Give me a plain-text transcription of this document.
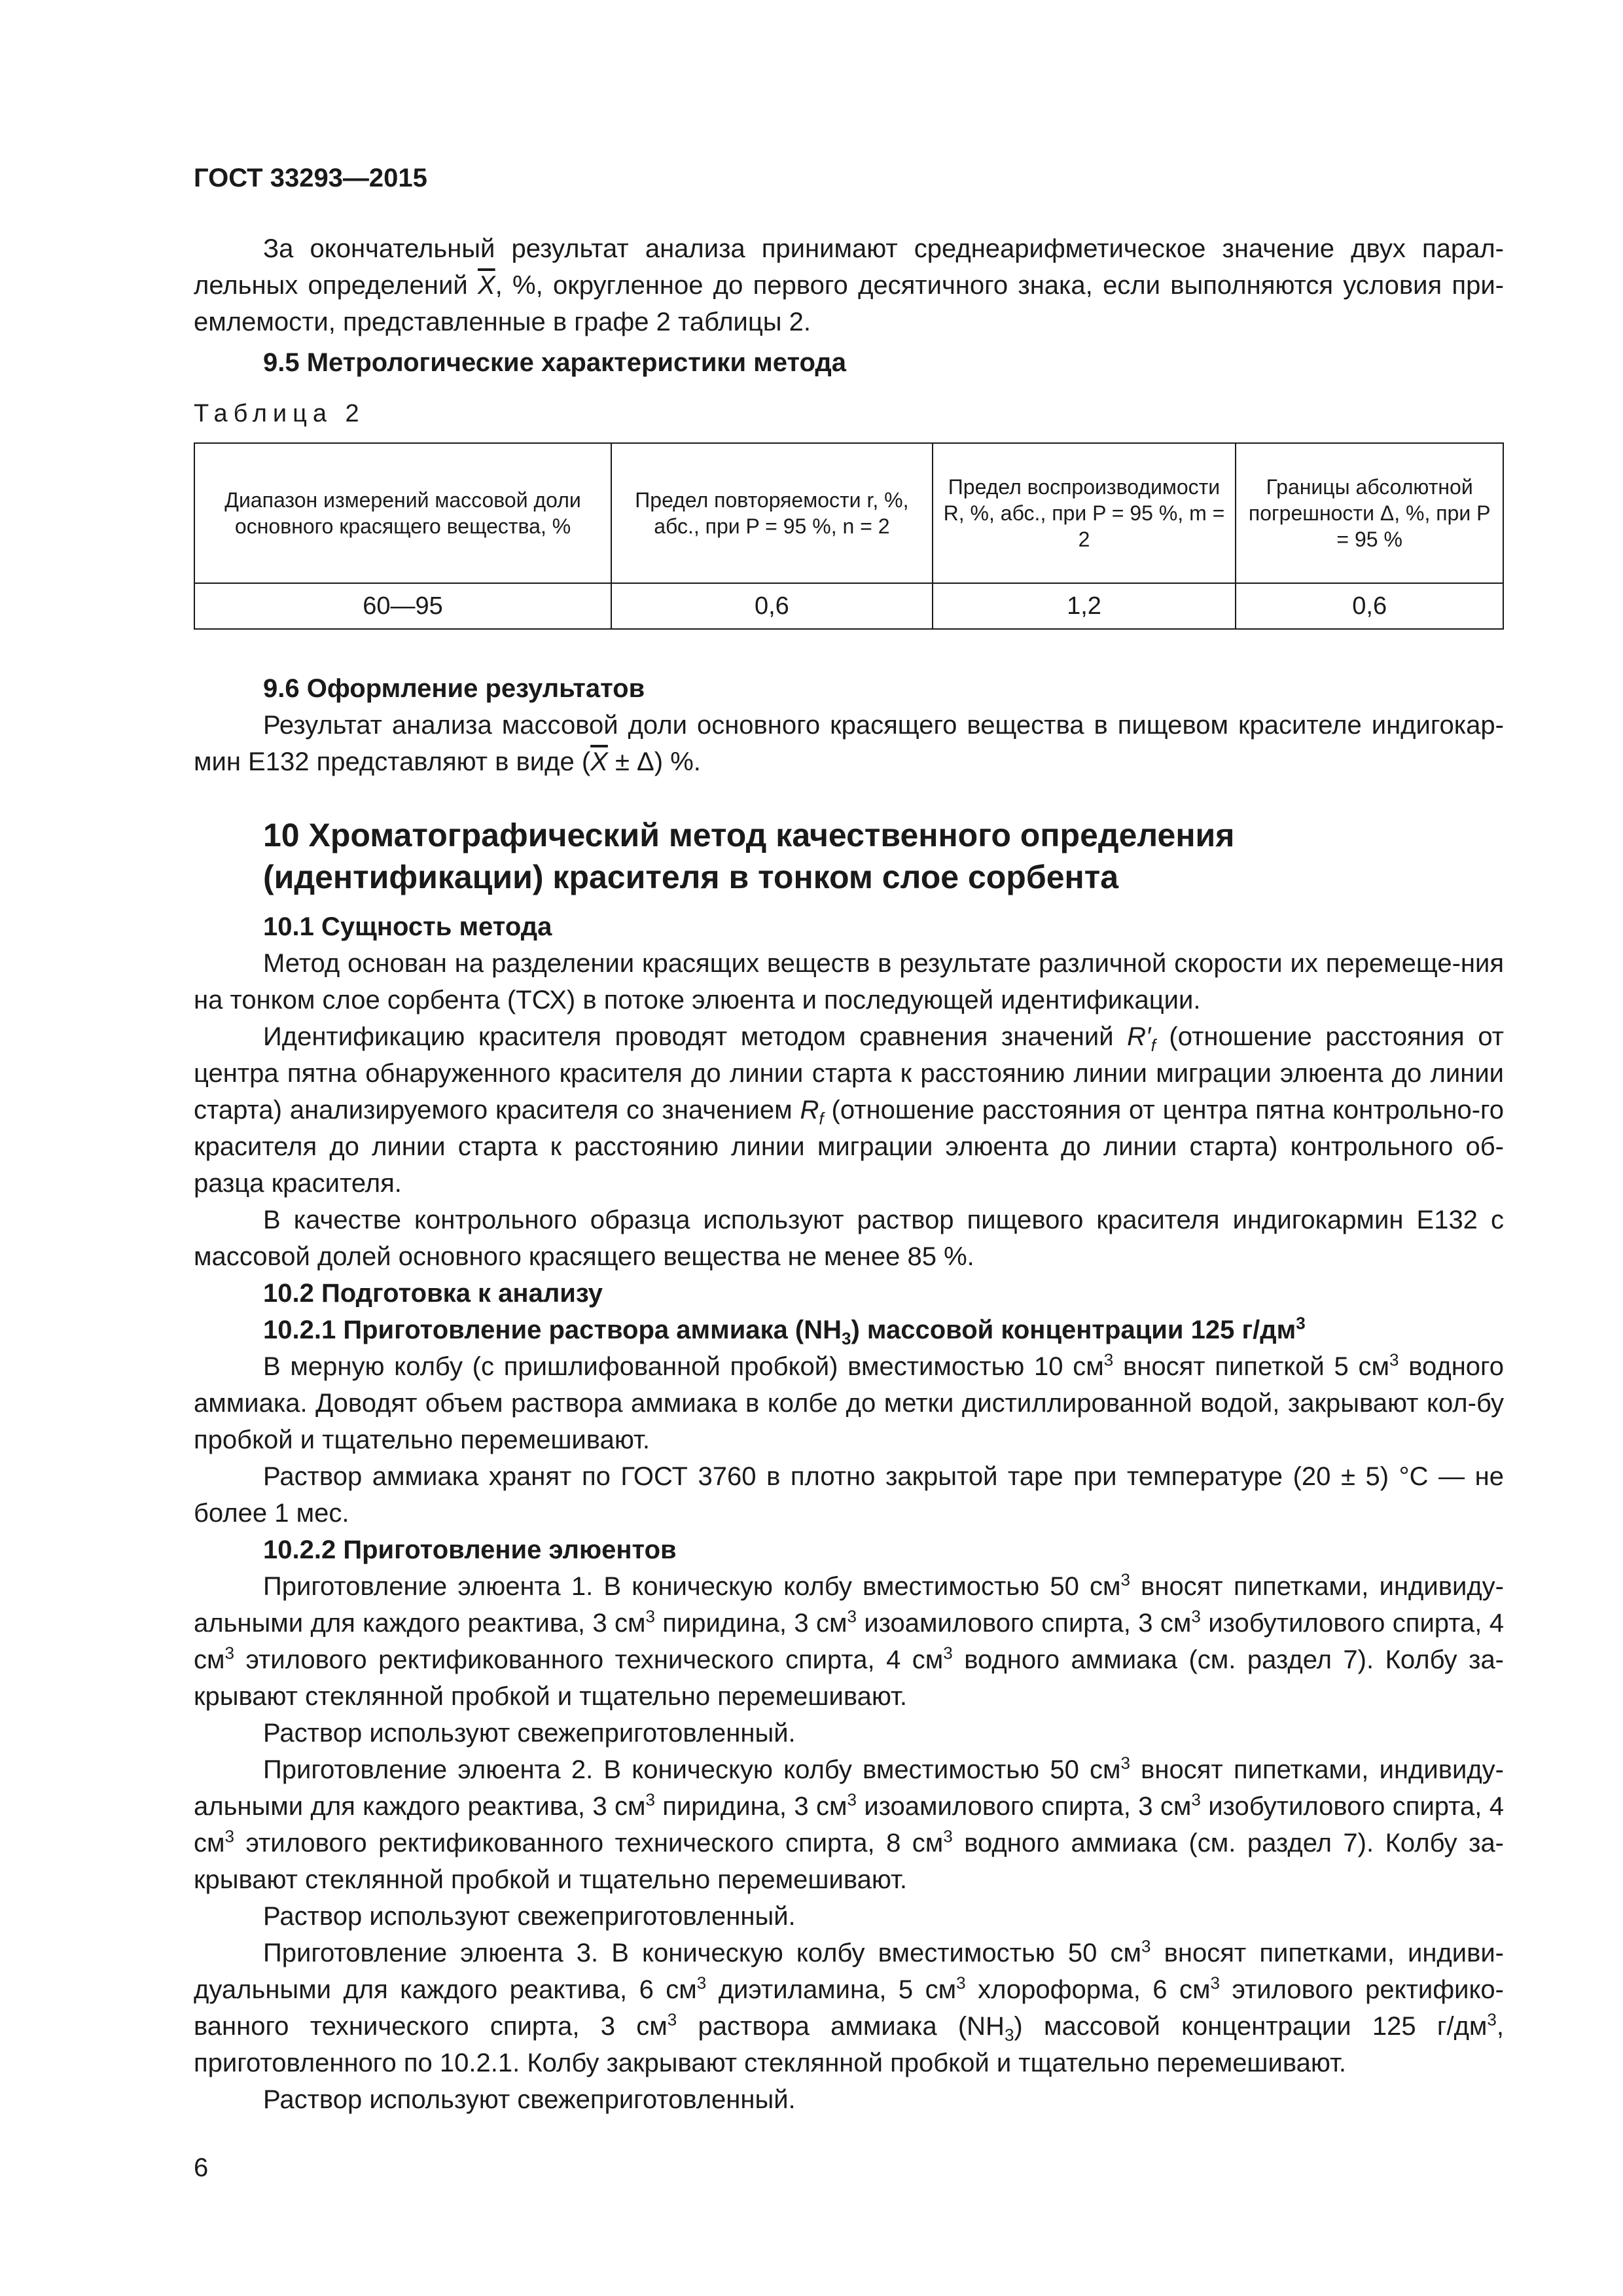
ГОСТ 33293—2015

За окончательный результат анализа принимают среднеарифметическое значение двух парал-лельных определений $\overline{X}$, %, округленное до первого десятичного знака, если выполняются условия при-емлемости, представленные в графе 2 таблицы 2.

9.5 Метрологические характеристики метода

Таблица 2

Диапазон измерений массовой доли основного красящего вещества, %	Предел повторяемости r, %, абс., при P = 95 %, n = 2	Предел воспроизводимости R, %, абс., при P = 95 %, m = 2	Границы абсолютной погрешности Δ, %, при P = 95 %
60—95	0,6	1,2	0,6

9.6 Оформление результатов

Результат анализа массовой доли основного красящего вещества в пищевом красителе индигокар-мин Е132 представляют в виде $(\overline{X} \pm \Delta)$ %.

10 Хроматографический метод качественного определения

(идентификации) красителя в тонком слое сорбента

10.1 Сущность метода

Метод основан на разделении красящих веществ в результате различной скорости их перемеще-ния на тонком слое сорбента (ТСХ) в потоке элюента и последующей идентификации.

Идентификацию красителя проводят методом сравнения значений $R'_f$ (отношение расстояния от центра пятна обнаруженного красителя до линии старта к расстоянию линии миграции элюента до линии старта) анализируемого красителя со значением $R_f$ (отношение расстояния от центра пятна контрольно-го красителя до линии старта к расстоянию линии миграции элюента до линии старта) контрольного об-разца красителя.

В качестве контрольного образца используют раствор пищевого красителя индигокармин Е132 с массовой долей основного красящего вещества не менее 85 %.

10.2 Подготовка к анализу

10.2.1 Приготовление раствора аммиака $(NH_3)$ массовой концентрации 125 $г/дм^3$

В мерную колбу (с пришлифованной пробкой) вместимостью 10 $см^3$ вносят пипеткой 5 $см^3$ водного аммиака. Доводят объем раствора аммиака в колбе до метки дистиллированной водой, закрывают кол-бу пробкой и тщательно перемешивают.

Раствор аммиака хранят по ГОСТ 3760 в плотно закрытой таре при температуре (20 ± 5) °С — не более 1 мес.

10.2.2 Приготовление элюентов

Приготовление элюента 1. В коническую колбу вместимостью 50 $см^3$ вносят пипетками, индивиду-альными для каждого реактива, 3 $см^3$ пиридина, 3 $см^3$ изоамилового спирта, 3 $см^3$ изобутилового спирта, 4 $см^3$ этилового ректификованного технического спирта, 4 $см^3$ водного аммиака (см. раздел 7). Колбу за-крывают стеклянной пробкой и тщательно перемешивают.

Раствор используют свежеприготовленный.

Приготовление элюента 2. В коническую колбу вместимостью 50 $см^3$ вносят пипетками, индивиду-альными для каждого реактива, 3 $см^3$ пиридина, 3 $см^3$ изоамилового спирта, 3 $см^3$ изобутилового спирта, 4 $см^3$ этилового ректификованного технического спирта, 8 $см^3$ водного аммиака (см. раздел 7). Колбу за-крывают стеклянной пробкой и тщательно перемешивают.

Раствор используют свежеприготовленный.

Приготовление элюента 3. В коническую колбу вместимостью 50 $см^3$ вносят пипетками, индиви-дуальными для каждого реактива, 6 $см^3$ диэтиламина, 5 $см^3$ хлороформа, 6 $см^3$ этилового ректифико-ванного технического спирта, 3 $см^3$ раствора аммиака $(NH_3)$ массовой концентрации 125 $г/дм^3$, приготовленного по 10.2.1. Колбу закрывают стеклянной пробкой и тщательно перемешивают.

Раствор используют свежеприготовленный.

6
